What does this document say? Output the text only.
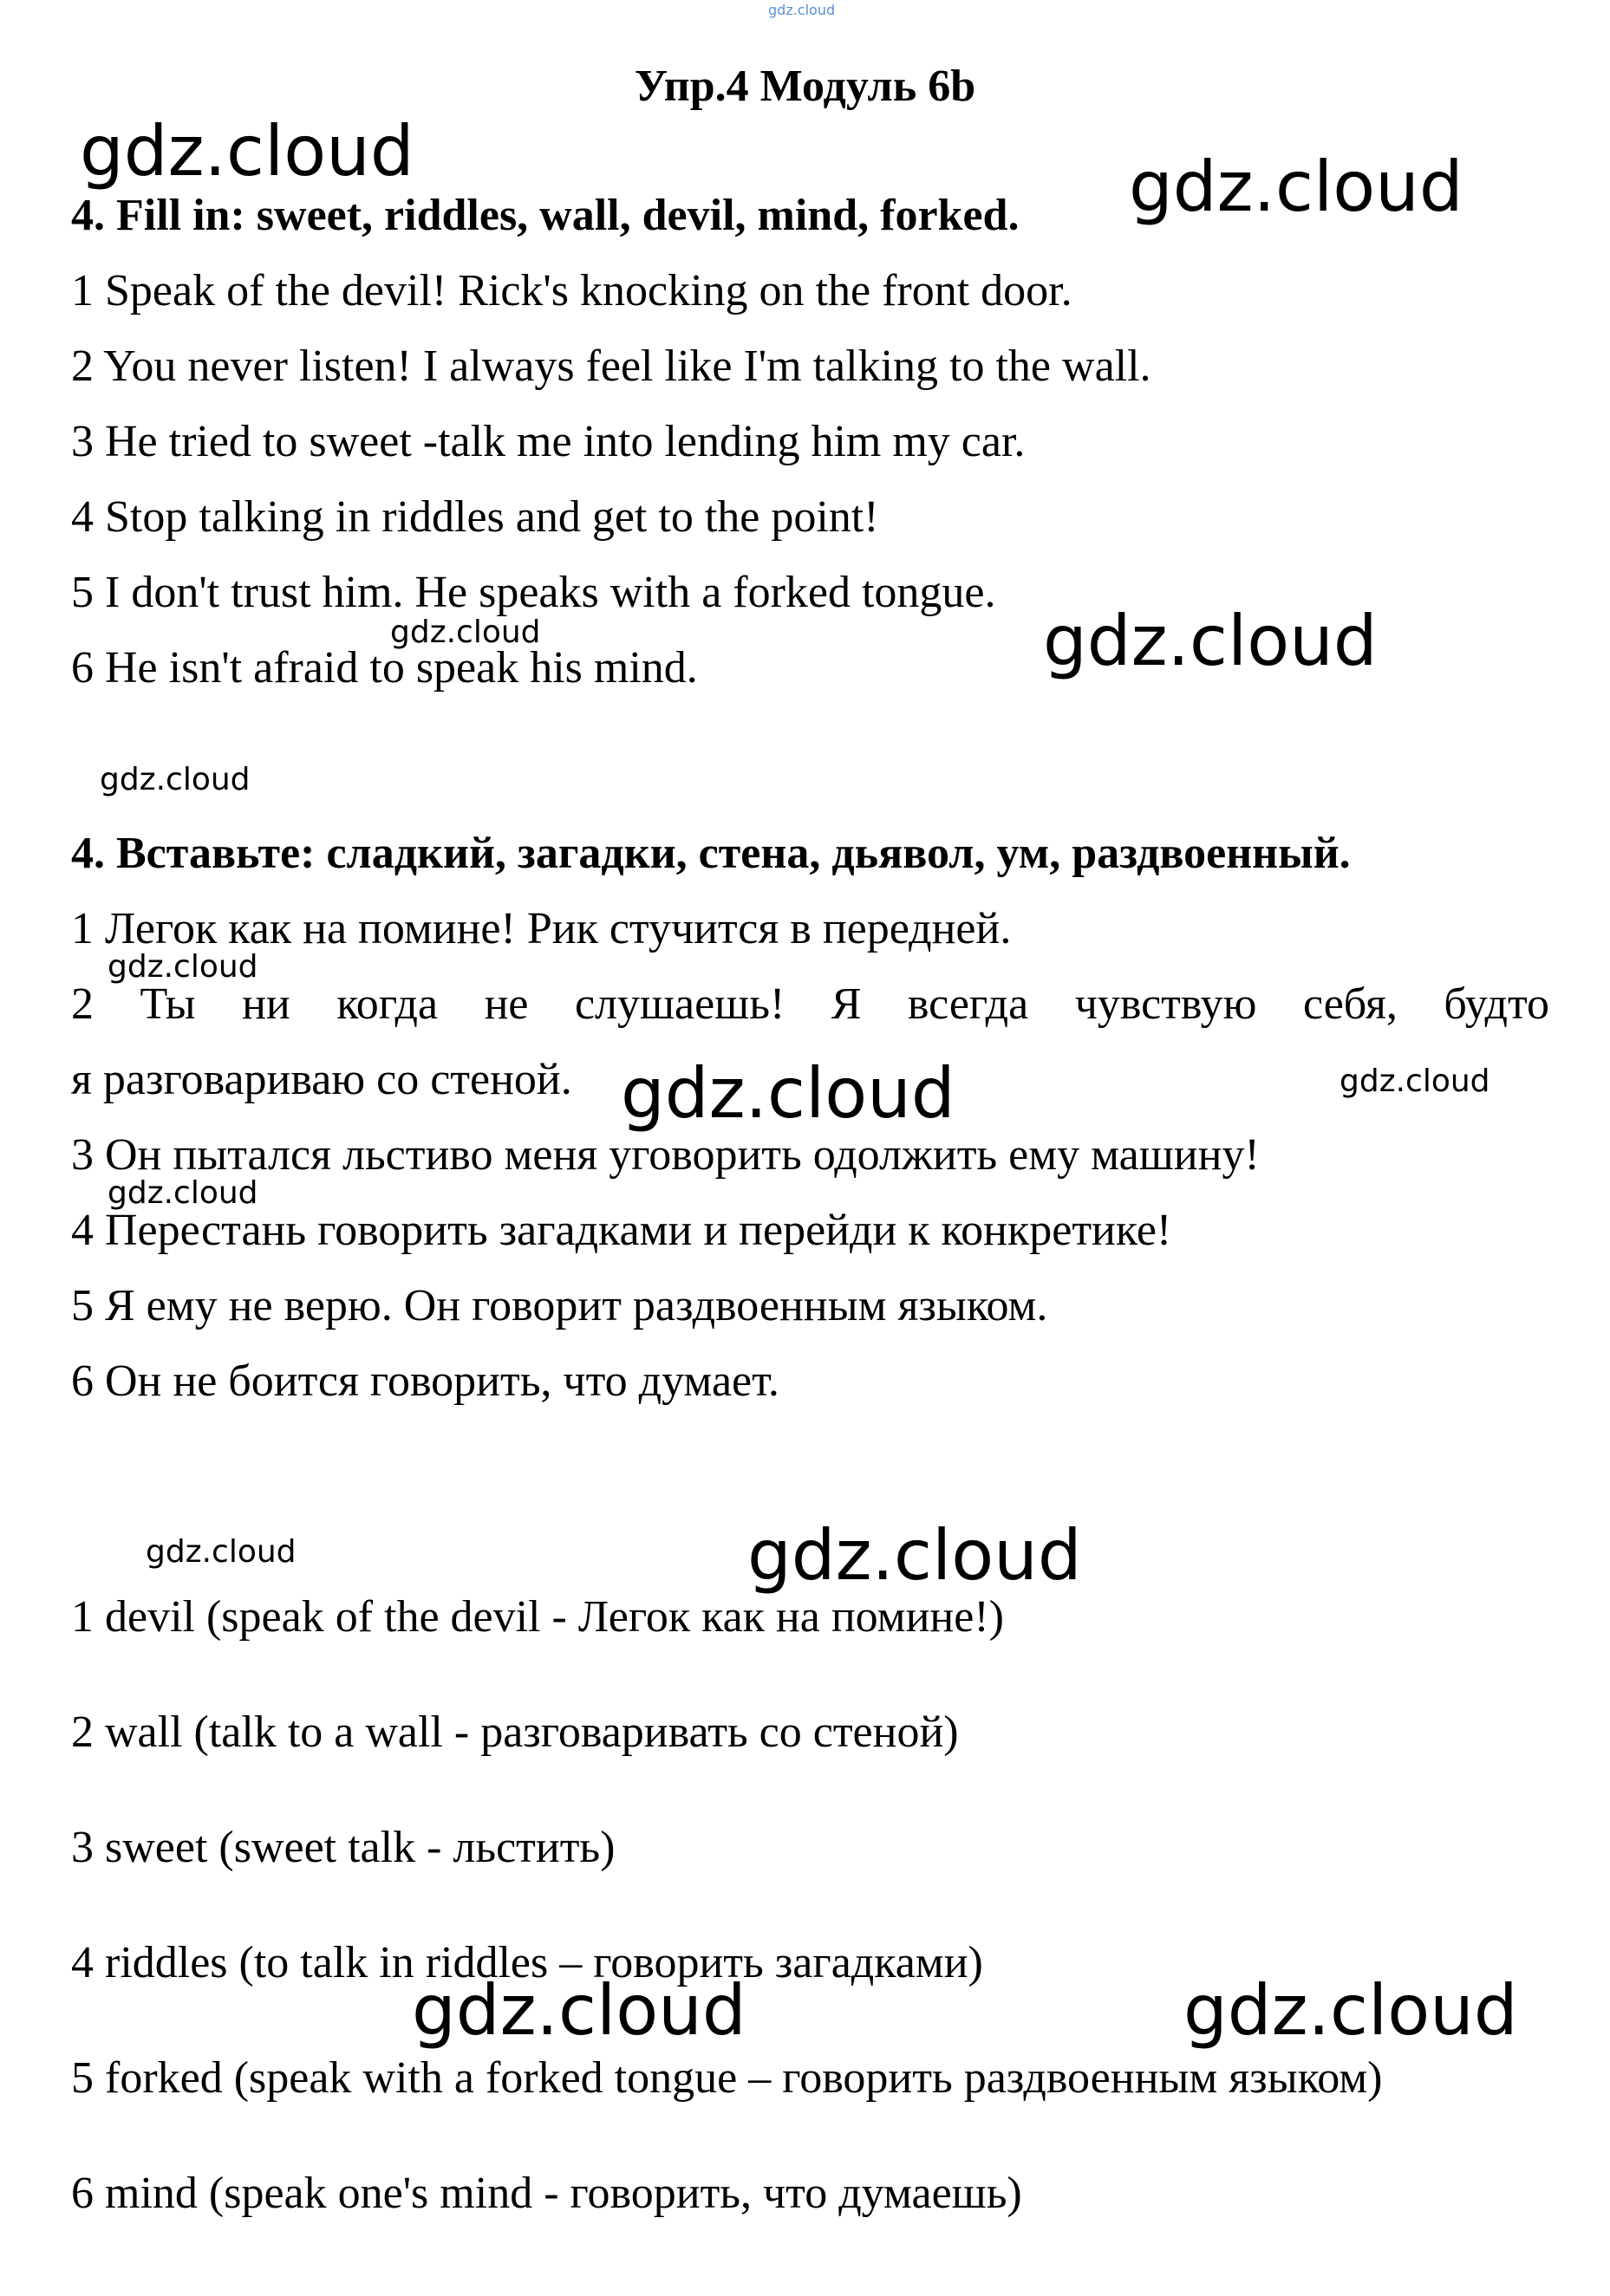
gdz.cloud
Упр.4 Модуль 6b
4. Fill in: sweet, riddles, wall, devil, mind, forked.
1 Speak of the devil! Rick's knocking on the front door.
2 You never listen! I always feel like I'm talking to the wall.
3 He tried to sweet -talk me into lending him my car.
4 Stop talking in riddles and get to the point!
5 I don't trust him. He speaks with a forked tongue.
6 He isn't afraid to speak his mind.
4. Вставьте: сладкий, загадки, стена, дьявол, ум, раздвоенный.
1 Легок как на помине! Рик стучится в передней.
2 Ты ни когда не слушаешь! Я всегда чувствую себя, будто
я разговариваю со стеной.
3 Он пытался льстиво меня уговорить одолжить ему машину!
4 Перестань говорить загадками и перейди к конкретике!
5 Я ему не верю. Он говорит раздвоенным языком.
6 Он не боится говорить, что думает.
1 devil (speak of the devil - Легок как на помине!)
2 wall (talk to a wall - разговаривать со стеной)
3 sweet (sweet talk - льстить)
4 riddles (to talk in riddles – говорить загадками)
5 forked (speak with a forked tongue – говорить раздвоенным языком)
6 mind (speak one's mind - говорить, что думаешь)
gdz.cloud	gdz.cloud
gdz.cloud	gdz.cloud
gdz.cloud
gdz.cloud
gdz.cloud	gdz.cloud
gdz.cloud
gdz.cloud	gdz.cloud
gdz.cloud	gdz.cloud
